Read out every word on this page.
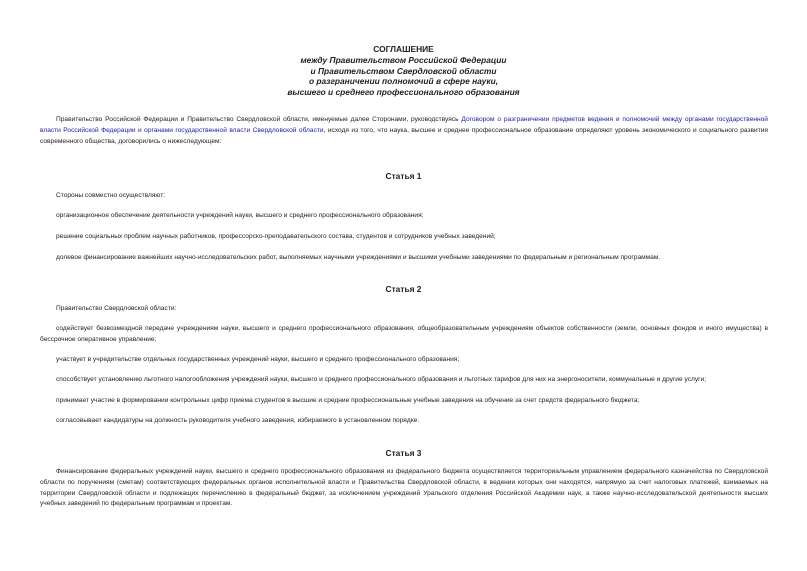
СОГЛАШЕНИЕ
между Правительством Российской Федерации
и Правительством Свердловской области
о разграничении полномочий в сфере науки,
высшего и среднего профессионального образования

Правительство Российской Федерации и Правительство Свердловской области, именуемые далее Сторонами, руководствуясь Договором о разграничении предметов ведения и полномочий между органами государственной власти Российской Федерации и органами государственной власти Свердловской области, исходя из того, что наука, высшее и среднее профессиональное образование определяют уровень экономического и социального развития современного общества, договорились о нижеследующем:

Статья 1

Стороны совместно осуществляют:

организационное обеспечение деятельности учреждений науки, высшего и среднего профессионального образования;

решение социальных проблем научных работников, профессорско-преподавательского состава, студентов и сотрудников учебных заведений;

долевое финансирование важнейших научно-исследовательских работ, выполняемых научными учреждениями и высшими учебными заведениями по федеральным и региональным программам.

Статья 2

Правительство Свердловской области:

содействует безвозмездной передаче учреждениям науки, высшего и среднего профессионального образования, общеобразовательным учреждениям объектов собственности (земли, основных фондов и иного имущества) в бессрочное оперативное управление;

участвует в учредительстве отдельных государственных учреждений науки, высшего и среднего профессионального образования;

способствует установлению льготного налогообложения учреждений науки, высшего и среднего профессионального образования и льготных тарифов для них на энергоносители, коммунальные и другие услуги;

принимает участие в формировании контрольных цифр приема студентов в высшие и средние профессиональные учебные заведения на обучение за счет средств федерального бюджета;

согласовывает кандидатуры на должность руководителя учебного заведения, избираемого в установленном порядке.

Статья 3

Финансирование федеральных учреждений науки, высшего и среднего профессионального образования из федерального бюджета осуществляется территориальным управлением федерального казначейства по Свердловской области по поручениям (сметам) соответствующих федеральных органов исполнительной власти и Правительства Свердловской области, в ведении которых они находятся, напрямую за счет налоговых платежей, взимаемых на территории Свердловской области и подлежащих перечислению в федеральный бюджет, за исключением учреждений Уральского отделения Российской Академии наук, а также научно-исследовательской деятельности высших учебных заведений по федеральным программам и проектам.
